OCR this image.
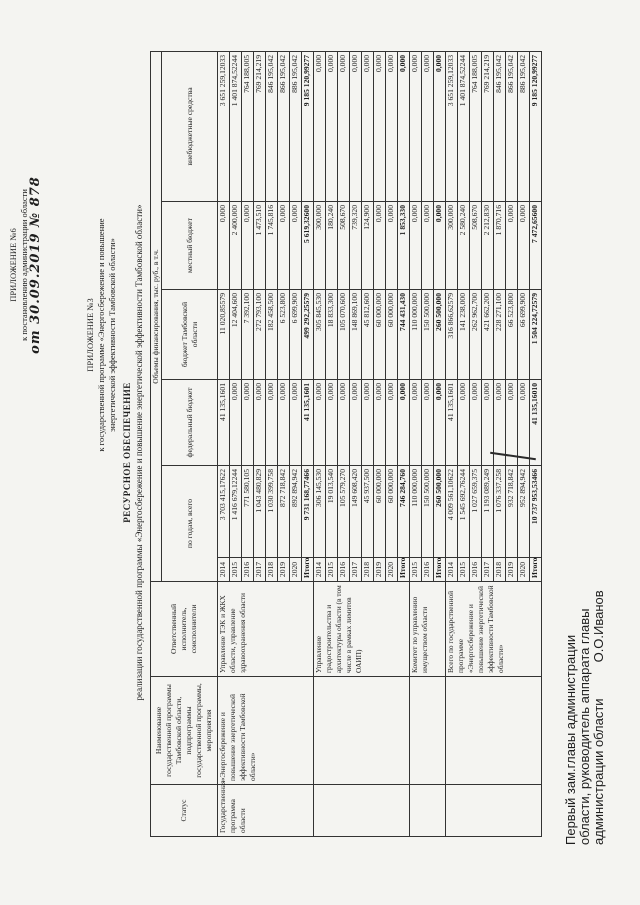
ПРИЛОЖЕНИЕ №6 к постановлению администрации области от 30.09.2019 № 878	ПРИЛОЖЕНИЕ №3 к государственной программе «Энергосбережение и повышение энергетической эффективности Тамбовской области»
РЕСУРСНОЕ ОБЕСПЕЧЕНИЕ реализации государственной программы «Энергосбережение и повышение энергетической эффективности Тамбовской области»
Статус	Наименование государственной программы Тамбовской области, подпрограммы государственной программы, мероприятия	Ответственный исполнитель, соисполнители	Объемы финансирования, тыс. руб., в т.ч.					
			по годам, всего		федеральный бюджет	бюджет Тамбовской области	местный бюджет	внебюджетные средства
Государственная программа области	«Энергосбережение и повышение энергетической эффективности Тамбовской области»	Управление ТЭК и ЖКХ области, управление здравоохранения области	2014	3 703 415,17622	41 135,1601	11 020,85579	0,000	3 651 259,12033
			2015	1 416 679,12244	0,000	12 404,600	2 400,000	1 401 874,52244
			2016	771 580,105	0,000	7 392,100	0,000	764 188,005
			2017	1 043 480,829	0,000	272 793,100	1 473,510	769 214,219
			2018	1 030 399,758	0,000	182 458,500	1 745,816	846 195,042
			2019	872 718,842	0,000	6 523,800	0,000	866 195,042
			2020	892 894,942	0,000	6 699,900	0,000	886 195,042
			Итого	9 731 168,77466	41 135,1601	499 292,25579	5 619,32600	9 185 120,99277
		Управление градостроительства и архитектуры области (в том числе в рамках лимитов ОАИП)	2014	306 145,530	0,000	305 845,530	300,000	0,000
			2015	19 013,540	0,000	18 833,300	180,240	0,000
			2016	105 579,270	0,000	105 070,600	508,670	0,000
			2017	149 608,420	0,000	148 869,100	739,320	0,000
			2018	45 937,500	0,000	45 812,600	124,900	0,000
			2019	60 000,000	0,000	60 000,000	0,000	0,000
			2020	60 000,000	0,000	60 000,000	0,000	0,000
			Итого	746 284,760	0,000	744 431,430	1 853,330	0,000
		Комитет по управлению имуществом области	2015	110 000,000	0,000	110 000,000	0,000	0,000
			2016	150 500,000	0,000	150 500,000	0,000	0,000
			Итого	260 500,000	0,000	260 500,000	0,000	0,000
		Всего по государственной программе «Энергосбережение и повышение энергетической эффективности Тамбовской области»	2014	4 009 561,10622	41 135,1601	316 866,62579	300,000	3 651 259,12033
			2015	1 545 692,76244	0,000	141 238,000	2 580,240	1 401 874,52244
			2016	1 027 659,375	0,000	262 962,700	508,670	764 188,005
			2017	1 193 089,249	0,000	421 662,200	2 212,830	769 214,219
			2018	1 076 337,258	0,000	228 271,100	1 870,716	846 195,042
			2019	932 718,842	0,000	66 523,800	0,000	866 195,042
			2020	952 894,942	0,000	66 699,900	0,000	886 195,042
			Итого	10 737 953,53466	41 135,16010	1 504 224,72579	7 472,65600	9 185 120,99277
Первый зам.главы администрации области, руководитель аппарата главы администрации областиО.О.Иванов
